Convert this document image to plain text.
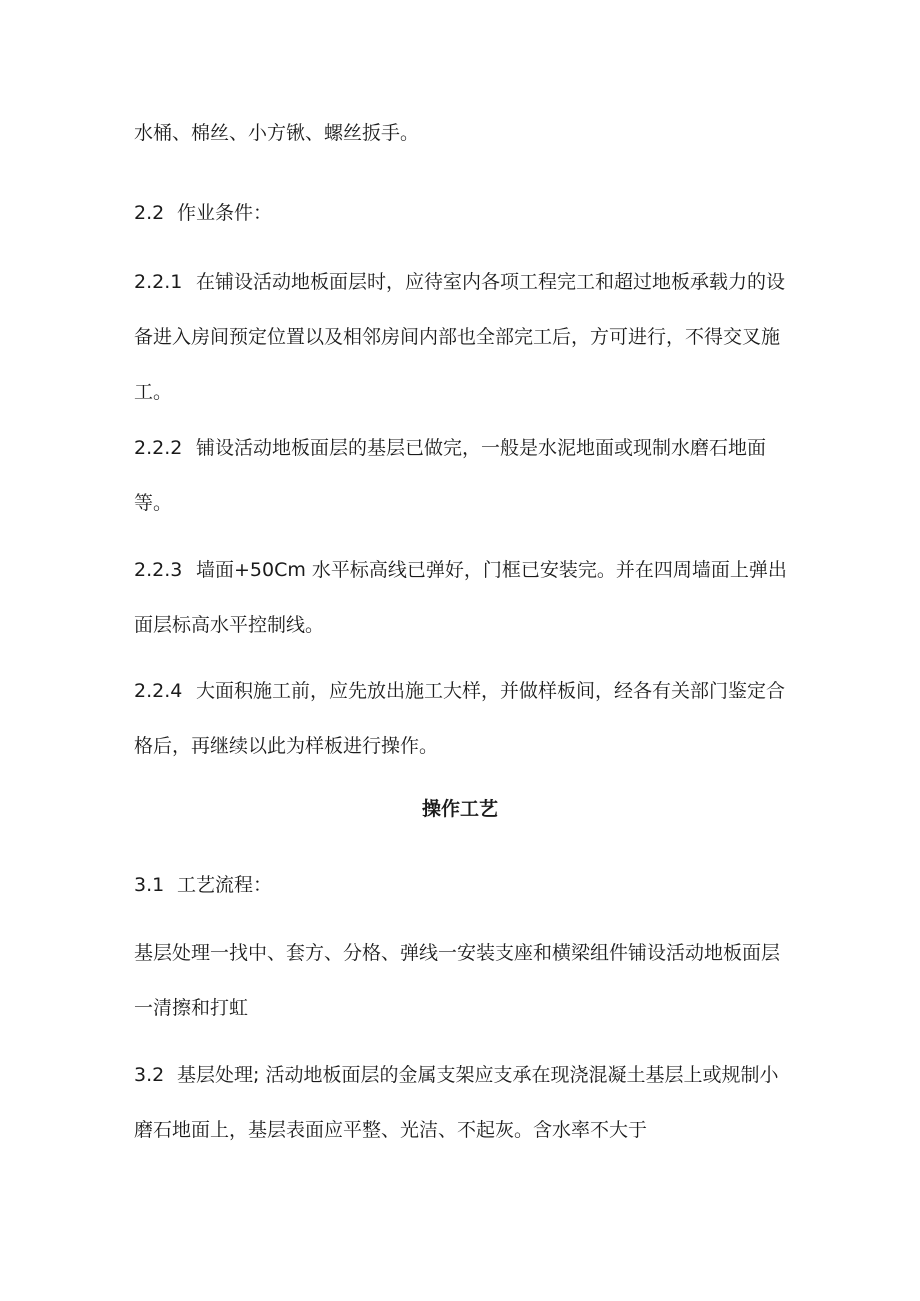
水桶、棉丝、小方锹、螺丝扳手。

2.2 作业条件：

2.2.1 在铺设活动地板面层时，应待室内各项工程完工和超过地板承载力的设备进入房间预定位置以及相邻房间内部也全部完工后，方可进行，不得交叉施工。

2.2.2 铺设活动地板面层的基层已做完，一般是水泥地面或现制水磨石地面等。

2.2.3 墙面+50Cm 水平标高线已弹好，门框已安装完。并在四周墙面上弹出面层标高水平控制线。

2.2.4 大面积施工前，应先放出施工大样，并做样板间，经各有关部门鉴定合格后，再继续以此为样板进行操作。

操作工艺

3.1 工艺流程：

基层处理一找中、套方、分格、弹线一安装支座和横梁组件铺设活动地板面层一清擦和打虹

3.2 基层处理; 活动地板面层的金属支架应支承在现浇混凝土基层上或规制小磨石地面上，基层表面应平整、光洁、不起灰。含水率不大于
